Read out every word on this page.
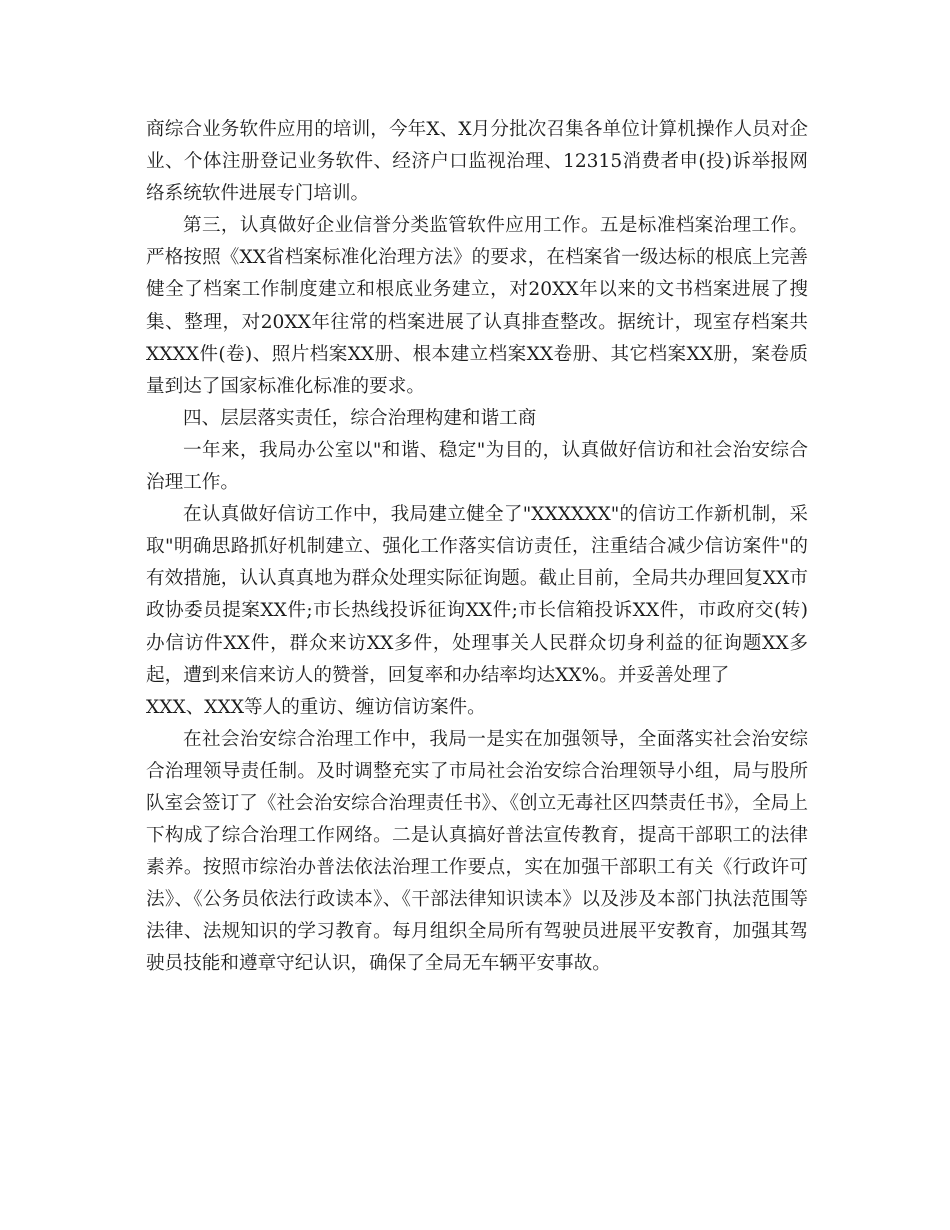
商综合业务软件应用的培训，今年X、X月分批次召集各单位计算机操作人员对企业、个体注册登记业务软件、经济户口监视治理、12315消费者申(投)诉举报网络系统软件进展专门培训。

第三，认真做好企业信誉分类监管软件应用工作。五是标准档案治理工作。严格按照《XX省档案标准化治理方法》的要求，在档案省一级达标的根底上完善健全了档案工作制度建立和根底业务建立，对20XX年以来的文书档案进展了搜集、整理，对20XX年往常的档案进展了认真排查整改。据统计，现室存档案共XXXX件(卷)、照片档案XX册、根本建立档案XX卷册、其它档案XX册，案卷质量到达了国家标准化标准的要求。

四、层层落实责任，综合治理构建和谐工商

一年来，我局办公室以"和谐、稳定"为目的，认真做好信访和社会治安综合治理工作。

在认真做好信访工作中，我局建立健全了"XXXXXX"的信访工作新机制，采取"明确思路抓好机制建立、强化工作落实信访责任，注重结合减少信访案件"的有效措施，认认真真地为群众处理实际征询题。截止目前，全局共办理回复XX市政协委员提案XX件;市长热线投诉征询XX件;市长信箱投诉XX件，市政府交(转)办信访件XX件，群众来访XX多件，处理事关人民群众切身利益的征询题XX多起，遭到来信来访人的赞誉，回复率和办结率均达XX%。并妥善处理了

XXX、XXX等人的重访、缠访信访案件。

在社会治安综合治理工作中，我局一是实在加强领导，全面落实社会治安综合治理领导责任制。及时调整充实了市局社会治安综合治理领导小组，局与股所队室会签订了《社会治安综合治理责任书》、《创立无毒社区四禁责任书》，全局上下构成了综合治理工作网络。二是认真搞好普法宣传教育，提高干部职工的法律素养。按照市综治办普法依法治理工作要点，实在加强干部职工有关《行政许可法》、《公务员依法行政读本》、《干部法律知识读本》以及涉及本部门执法范围等法律、法规知识的学习教育。每月组织全局所有驾驶员进展平安教育，加强其驾驶员技能和遵章守纪认识，确保了全局无车辆平安事故。
